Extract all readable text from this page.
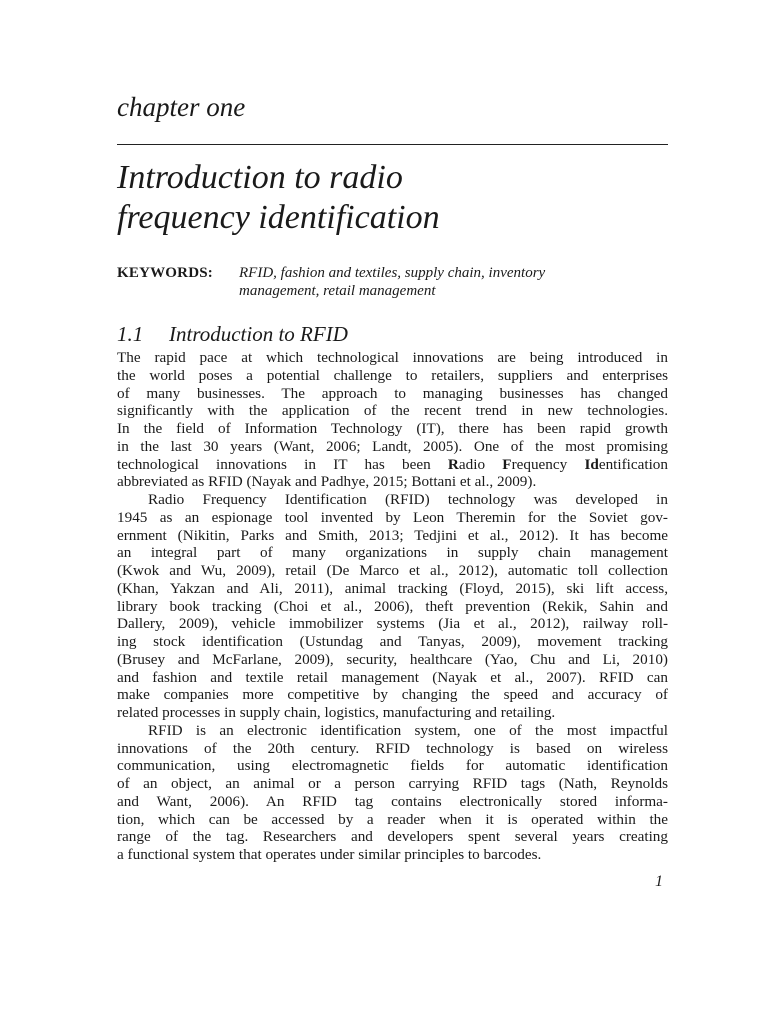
chapter one
Introduction to radio
frequency identification
KEYWORDS: RFID, fashion and textiles, supply chain, inventory
management, retail management
1.1 Introduction to RFID
The rapid pace at which technological innovations are being introduced in
the world poses a potential challenge to retailers, suppliers and enterprises
of many businesses. The approach to managing businesses has changed
significantly with the application of the recent trend in new technologies.
In the field of Information Technology (IT), there has been rapid growth
in the last 30 years (Want, 2006; Landt, 2005). One of the most promising
technological innovations in IT has been Radio Frequency Identification
abbreviated as RFID (Nayak and Padhye, 2015; Bottani et al., 2009).
Radio Frequency Identification (RFID) technology was developed in
1945 as an espionage tool invented by Leon Theremin for the Soviet gov-
ernment (Nikitin, Parks and Smith, 2013; Tedjini et al., 2012). It has become
an integral part of many organizations in supply chain management
(Kwok and Wu, 2009), retail (De Marco et al., 2012), automatic toll collection
(Khan, Yakzan and Ali, 2011), animal tracking (Floyd, 2015), ski lift access,
library book tracking (Choi et al., 2006), theft prevention (Rekik, Sahin and
Dallery, 2009), vehicle immobilizer systems (Jia et al., 2012), railway roll-
ing stock identification (Ustundag and Tanyas, 2009), movement tracking
(Brusey and McFarlane, 2009), security, healthcare (Yao, Chu and Li, 2010)
and fashion and textile retail management (Nayak et al., 2007). RFID can
make companies more competitive by changing the speed and accuracy of
related processes in supply chain, logistics, manufacturing and retailing.
RFID is an electronic identification system, one of the most impactful
innovations of the 20th century. RFID technology is based on wireless
communication, using electromagnetic fields for automatic identification
of an object, an animal or a person carrying RFID tags (Nath, Reynolds
and Want, 2006). An RFID tag contains electronically stored informa-
tion, which can be accessed by a reader when it is operated within the
range of the tag. Researchers and developers spent several years creating
a functional system that operates under similar principles to barcodes.
1
